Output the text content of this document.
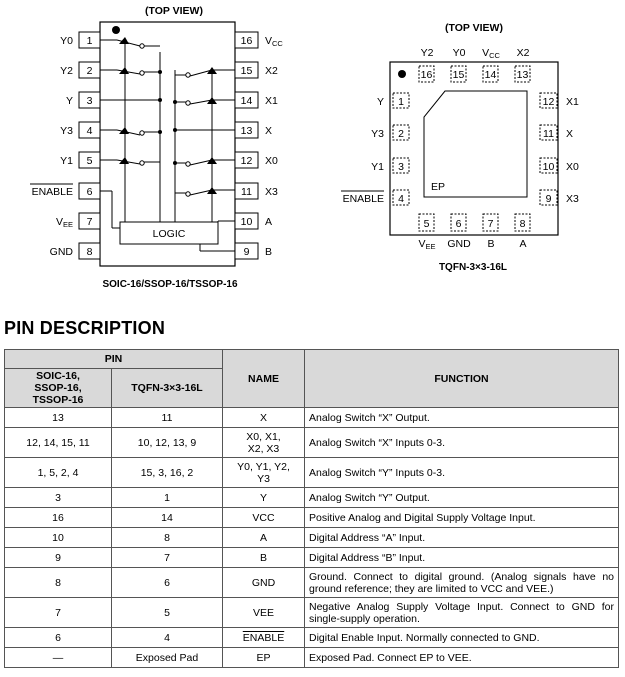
(TOP VIEW)
1
2
3
4
5
6
7
8
Y0
Y2
Y
Y3
Y1
ENABLE
VEE
GND
16
15
14
13
12
11
10
9
VCC
X2
X1
X
X0
X3
A
B
LOGIC
SOIC-16/SSOP-16/TSSOP-16
(TOP VIEW)
EP
16 15 14 13
Y2 Y0 VCC X2
1
2
3
4
Y
Y3
Y1
ENABLE
12
11
10
9
X1
X
X0
X3
5 6 7 8
VEE GND B A
TQFN-3×3-16L
PIN DESCRIPTION
PIN		NAME	FUNCTION
SOIC-16, SSOP-16, TSSOP-16	TQFN-3×3-16L		
13	11	X	Analog Switch “X” Output.
12, 14, 15, 11	10, 12, 13, 9	X0, X1, X2, X3	Analog Switch “X” Inputs 0-3.
1, 5, 2, 4	15, 3, 16, 2	Y0, Y1, Y2, Y3	Analog Switch “Y” Inputs 0-3.
3	1	Y	Analog Switch “Y” Output.
16	14	VCC	Positive Analog and Digital Supply Voltage Input.
10	8	A	Digital Address “A” Input.
9	7	B	Digital Address “B” Input.
8	6	GND	Ground. Connect to digital ground. (Analog signals have no ground reference; they are limited to VCC and VEE.)
7	5	VEE	Negative Analog Supply Voltage Input. Connect to GND for single-supply operation.
6	4	ENABLE	Digital Enable Input. Normally connected to GND.
—	Exposed Pad	EP	Exposed Pad. Connect EP to VEE.
